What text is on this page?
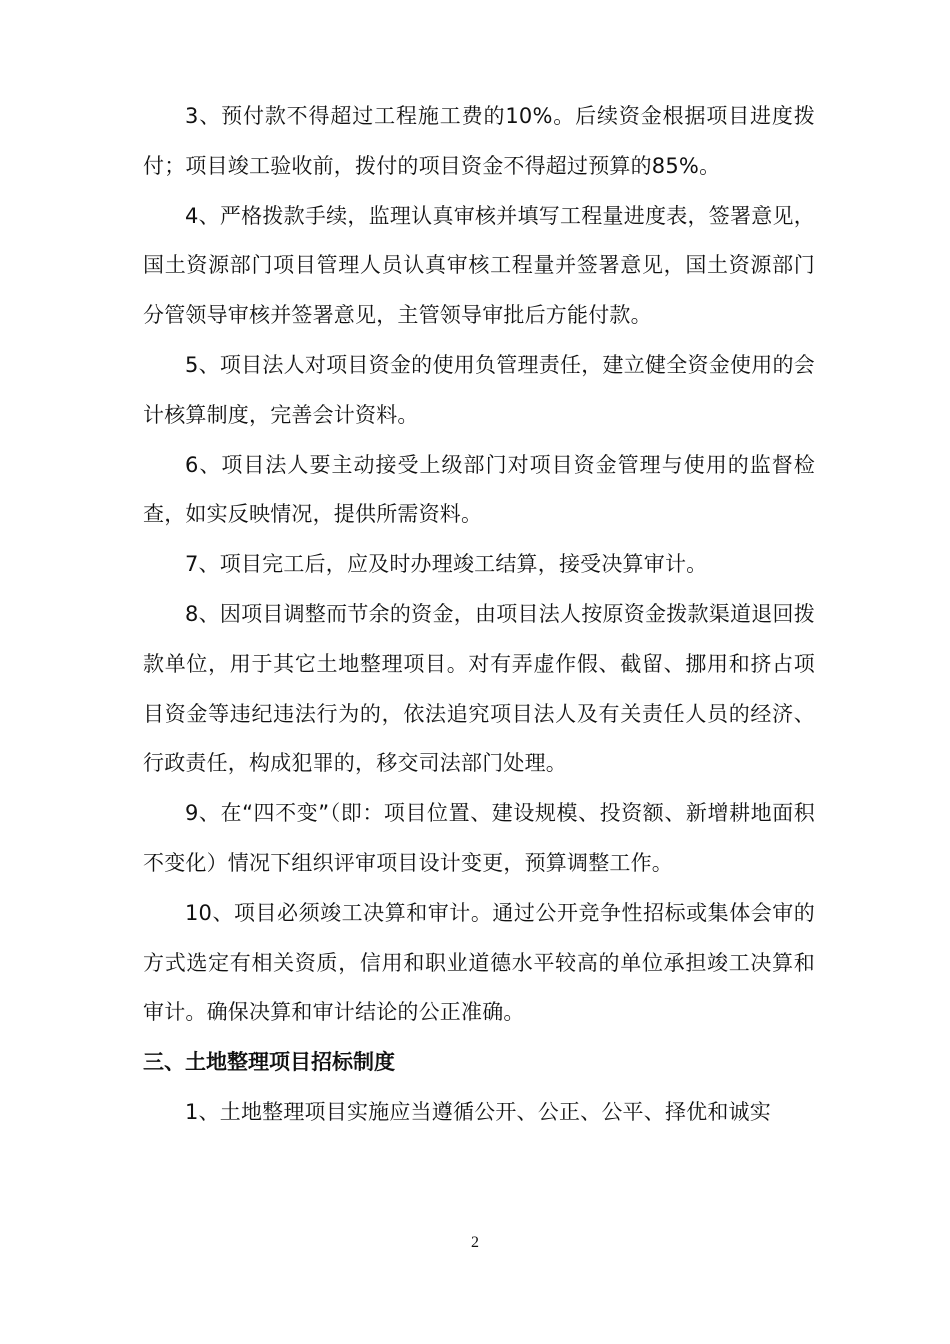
3、预付款不得超过工程施工费的10%。后续资金根据项目进度拨付；项目竣工验收前，拨付的项目资金不得超过预算的85%。

4、严格拨款手续，监理认真审核并填写工程量进度表，签署意见，国土资源部门项目管理人员认真审核工程量并签署意见，国土资源部门分管领导审核并签署意见，主管领导审批后方能付款。

5、项目法人对项目资金的使用负管理责任，建立健全资金使用的会计核算制度，完善会计资料。

6、项目法人要主动接受上级部门对项目资金管理与使用的监督检查，如实反映情况，提供所需资料。

7、项目完工后，应及时办理竣工结算，接受决算审计。

8、因项目调整而节余的资金，由项目法人按原资金拨款渠道退回拨款单位，用于其它土地整理项目。对有弄虚作假、截留、挪用和挤占项目资金等违纪违法行为的，依法追究项目法人及有关责任人员的经济、行政责任，构成犯罪的，移交司法部门处理。

9、在“四不变”（即：项目位置、建设规模、投资额、新增耕地面积不变化）情况下组织评审项目设计变更，预算调整工作。

10、项目必须竣工决算和审计。通过公开竞争性招标或集体会审的方式选定有相关资质，信用和职业道德水平较高的单位承担竣工决算和审计。确保决算和审计结论的公正准确。

三、土地整理项目招标制度

1、土地整理项目实施应当遵循公开、公正、公平、择优和诚实

2
